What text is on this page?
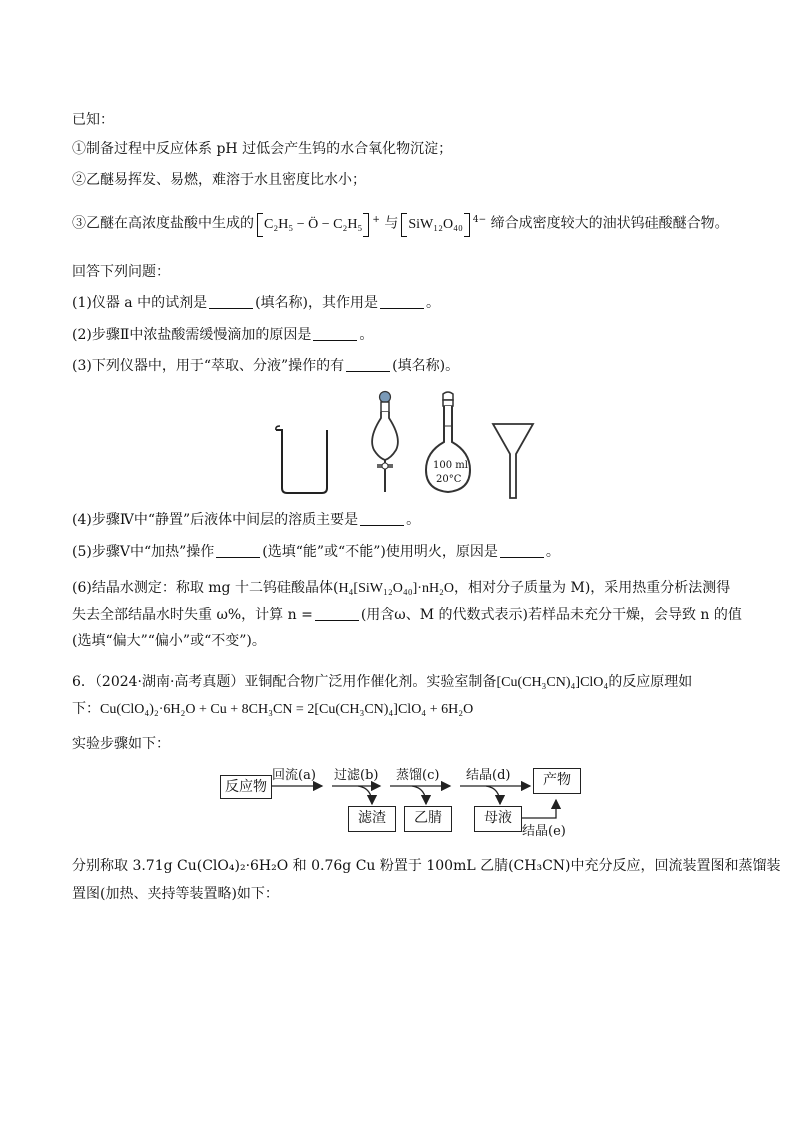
已知：
①制备过程中反应体系 pH 过低会产生钨的水合氧化物沉淀；
②乙醚易挥发、易燃，难溶于水且密度比水小；
③乙醚在高浓度盐酸中生成的 C₂H₅ − Ö − C₂H₅ + 与 SiW₁₂O₄₀ $^{4-}$ 缔合成密度较大的油状钨硅酸醚合物。
回答下列问题：
(1)仪器 a 中的试剂是	(填名称)，其作用是	。
(2)步骤Ⅱ中浓盐酸需缓慢滴加的原因是	。
(3)下列仪器中，用于“萃取、分液”操作的有	(填名称)。
100 ml
20°C
(4)步骤Ⅳ中“静置”后液体中间层的溶质主要是	。
(5)步骤Ⅴ中“加热”操作	(选填“能”或“不能”)使用明火，原因是	。
(6)结晶水测定：称取 mg 十二钨硅酸晶体(H₄[SiW₁₂O₄₀]·nH₂O，相对分子质量为 M)，采用热重分析法测得
失去全部结晶水时失重 ω%，计算 n =	(用含ω、M 的代数式表示)若样品未充分干燥，会导致 n 的值
(选填“偏大”“偏小”或“不变”)。
6．（2024·湖南·高考真题）亚铜配合物广泛用作催化剂。实验室制备[Cu(CH₃CN)₄]ClO₄的反应原理如
下：Cu(ClO₄)₂·6H₂O + Cu + 8CH₃CN = 2[Cu(CH₃CN)₄]ClO₄ + 6H₂O
实验步骤如下：
反应物
回流(a) 过滤(b) 蒸馏(c) 结晶(d)	产物
滤渣	乙腈	母液
结晶(e)
分别称取 3.71g Cu(ClO₄)₂·6H₂O 和 0.76g Cu 粉置于 100mL 乙腈(CH₃CN)中充分反应，回流装置图和蒸馏装
置图(加热、夹持等装置略)如下：
